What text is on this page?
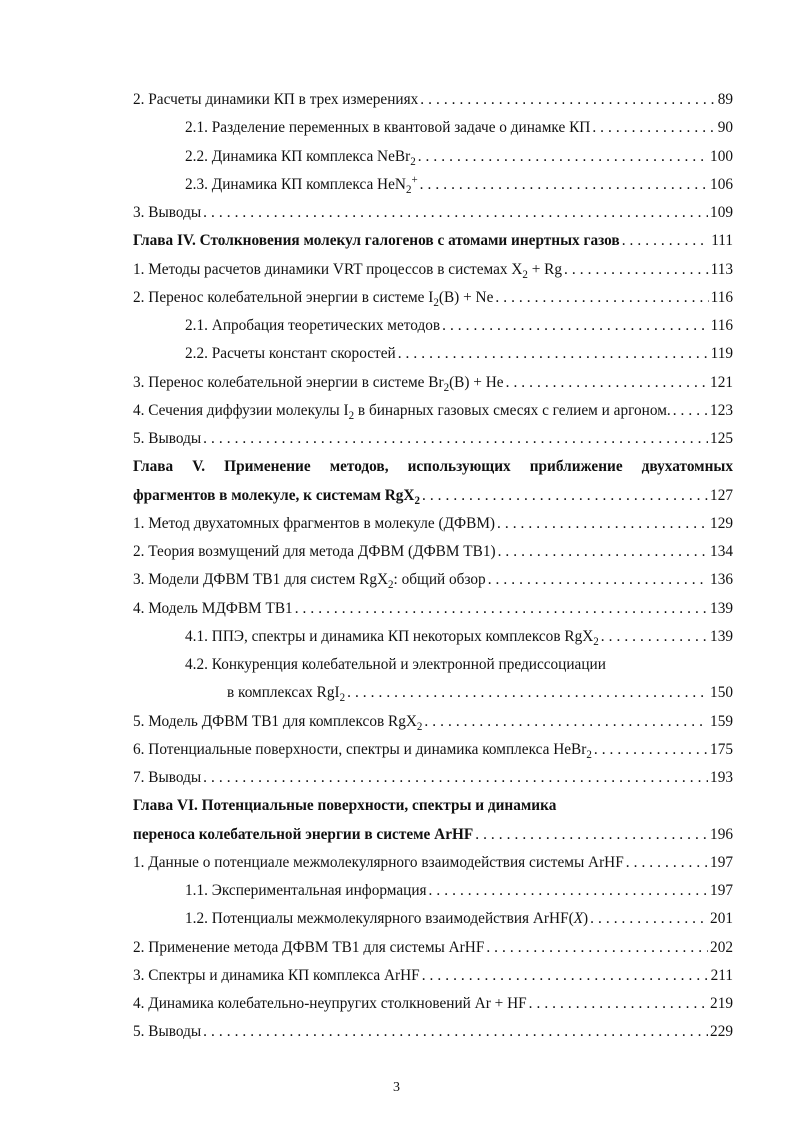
2. Расчеты динамики КП в трех измерениях . . .	89
2.1. Разделение переменных в квантовой задаче о динамке КП . . .	90
2.2. Динамика КП комплекса NeBr$_2$ . . .	100
2.3. Динамика КП комплекса HeN$_2$+ . . .	106
3. Выводы . . .	109
Глава IV. Столкновения молекул галогенов с атомами инертных газов . . .	111
1. Методы расчетов динамики VRT процессов в системах $X_2 + Rg$ . . .	113
2. Перенос колебательной энергии в системе $I_2(B) + Ne$ . . .	116
2.1. Апробация теоретических методов . . .	116
2.2. Расчеты констант скоростей . . .	119
3. Перенос колебательной энергии в системе $Br_2(B) + He$ . . .	121
4. Сечения диффузии молекулы $I_2$ в бинарных газовых смесях с гелием и аргоном. . . .	123
5. Выводы . . .	125
Глава V. Применение методов, использующих приближение двухатомных
фрагментов в молекуле, к системам RgX$_2$ . . .	127
1. Метод двухатомных фрагментов в молекуле (ДФВМ) . . .	129
2. Теория возмущений для метода ДФВМ (ДФВМ ТВ1) . . .	134
3. Модели ДФВМ ТВ1 для систем RgX$_2$: общий обзор . . .	136
4. Модель МДФВМ ТВ1 . . .	139
4.1. ППЭ, спектры и динамика КП некоторых комплексов RgX$_2$ . . .	139
4.2. Конкуренция колебательной и электронной предиссоциации
в комплексах RgI$_2$ . . .	150
5. Модель ДФВМ ТВ1 для комплексов RgX$_2$ . . .	159
6. Потенциальные поверхности, спектры и динамика комплекса HeBr$_2$ . . .	175
7. Выводы . . .	193
Глава VI. Потенциальные поверхности, спектры и динамика
переноса колебательной энергии в системе ArHF . . .	196
1. Данные о потенциале межмолекулярного взаимодействия системы ArHF . . .	197
1.1. Экспериментальная информация . . .	197
1.2. Потенциалы межмолекулярного взаимодействия ArHF(X) . . .	201
2. Применение метода ДФВМ ТВ1 для системы ArHF . . .	202
3. Спектры и динамика КП комплекса ArHF . . .	211
4. Динамика колебательно-неупругих столкновений Ar + HF . . .	219
5. Выводы . . .	229
3
